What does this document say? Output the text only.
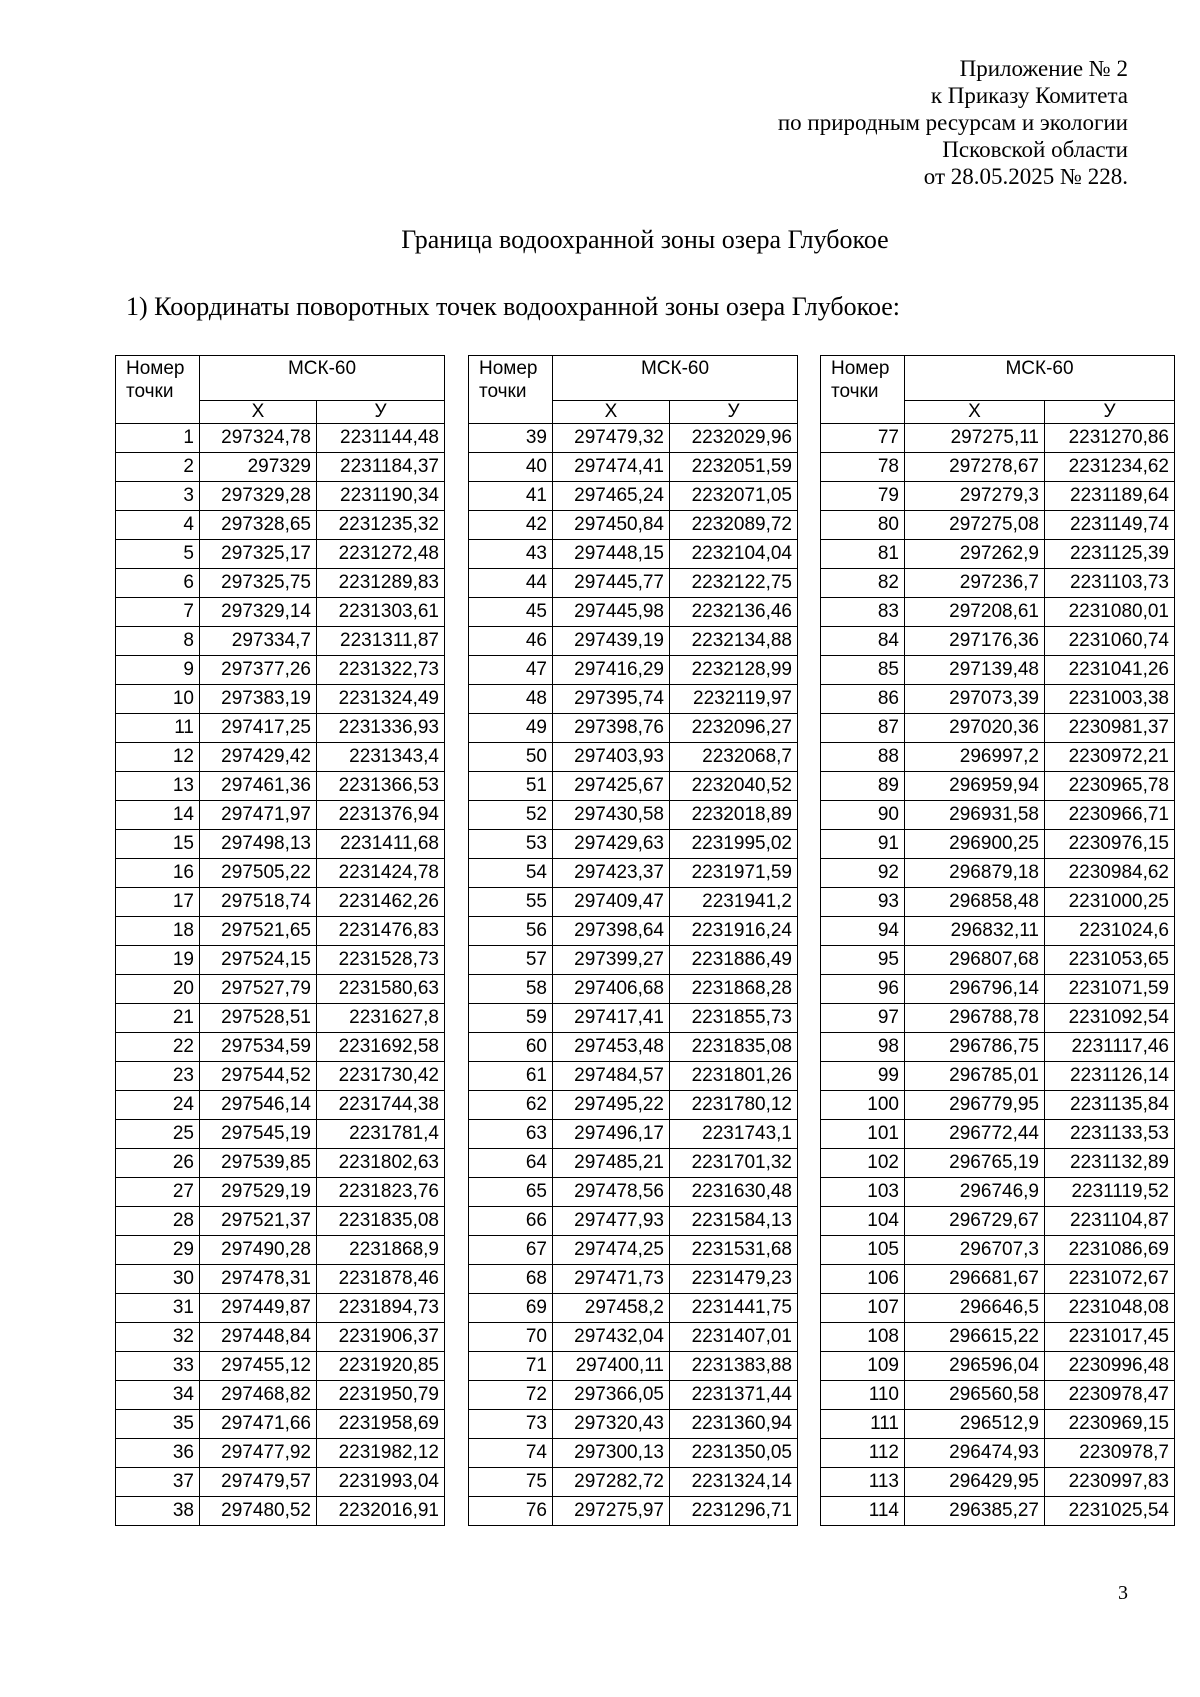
Приложение № 2
к Приказу Комитета
по природным ресурсам и экологии
Псковской области
от 28.05.2025 № 228.
Граница водоохранной зоны озера Глубокое
1) Координаты поворотных точек водоохранной зоны озера Глубокое:
Номер
точки	МСК-60	
	Х	У
1	297324,78	2231144,48
2	297329	2231184,37
3	297329,28	2231190,34
4	297328,65	2231235,32
5	297325,17	2231272,48
6	297325,75	2231289,83
7	297329,14	2231303,61
8	297334,7	2231311,87
9	297377,26	2231322,73
10	297383,19	2231324,49
11	297417,25	2231336,93
12	297429,42	2231343,4
13	297461,36	2231366,53
14	297471,97	2231376,94
15	297498,13	2231411,68
16	297505,22	2231424,78
17	297518,74	2231462,26
18	297521,65	2231476,83
19	297524,15	2231528,73
20	297527,79	2231580,63
21	297528,51	2231627,8
22	297534,59	2231692,58
23	297544,52	2231730,42
24	297546,14	2231744,38
25	297545,19	2231781,4
26	297539,85	2231802,63
27	297529,19	2231823,76
28	297521,37	2231835,08
29	297490,28	2231868,9
30	297478,31	2231878,46
31	297449,87	2231894,73
32	297448,84	2231906,37
33	297455,12	2231920,85
34	297468,82	2231950,79
35	297471,66	2231958,69
36	297477,92	2231982,12
37	297479,57	2231993,04
38	297480,52	2232016,91
Номер
точки	МСК-60	
	Х	У
39	297479,32	2232029,96
40	297474,41	2232051,59
41	297465,24	2232071,05
42	297450,84	2232089,72
43	297448,15	2232104,04
44	297445,77	2232122,75
45	297445,98	2232136,46
46	297439,19	2232134,88
47	297416,29	2232128,99
48	297395,74	2232119,97
49	297398,76	2232096,27
50	297403,93	2232068,7
51	297425,67	2232040,52
52	297430,58	2232018,89
53	297429,63	2231995,02
54	297423,37	2231971,59
55	297409,47	2231941,2
56	297398,64	2231916,24
57	297399,27	2231886,49
58	297406,68	2231868,28
59	297417,41	2231855,73
60	297453,48	2231835,08
61	297484,57	2231801,26
62	297495,22	2231780,12
63	297496,17	2231743,1
64	297485,21	2231701,32
65	297478,56	2231630,48
66	297477,93	2231584,13
67	297474,25	2231531,68
68	297471,73	2231479,23
69	297458,2	2231441,75
70	297432,04	2231407,01
71	297400,11	2231383,88
72	297366,05	2231371,44
73	297320,43	2231360,94
74	297300,13	2231350,05
75	297282,72	2231324,14
76	297275,97	2231296,71
Номер
точки	МСК-60	
	Х	У
77	297275,11	2231270,86
78	297278,67	2231234,62
79	297279,3	2231189,64
80	297275,08	2231149,74
81	297262,9	2231125,39
82	297236,7	2231103,73
83	297208,61	2231080,01
84	297176,36	2231060,74
85	297139,48	2231041,26
86	297073,39	2231003,38
87	297020,36	2230981,37
88	296997,2	2230972,21
89	296959,94	2230965,78
90	296931,58	2230966,71
91	296900,25	2230976,15
92	296879,18	2230984,62
93	296858,48	2231000,25
94	296832,11	2231024,6
95	296807,68	2231053,65
96	296796,14	2231071,59
97	296788,78	2231092,54
98	296786,75	2231117,46
99	296785,01	2231126,14
100	296779,95	2231135,84
101	296772,44	2231133,53
102	296765,19	2231132,89
103	296746,9	2231119,52
104	296729,67	2231104,87
105	296707,3	2231086,69
106	296681,67	2231072,67
107	296646,5	2231048,08
108	296615,22	2231017,45
109	296596,04	2230996,48
110	296560,58	2230978,47
111	296512,9	2230969,15
112	296474,93	2230978,7
113	296429,95	2230997,83
114	296385,27	2231025,54
3
